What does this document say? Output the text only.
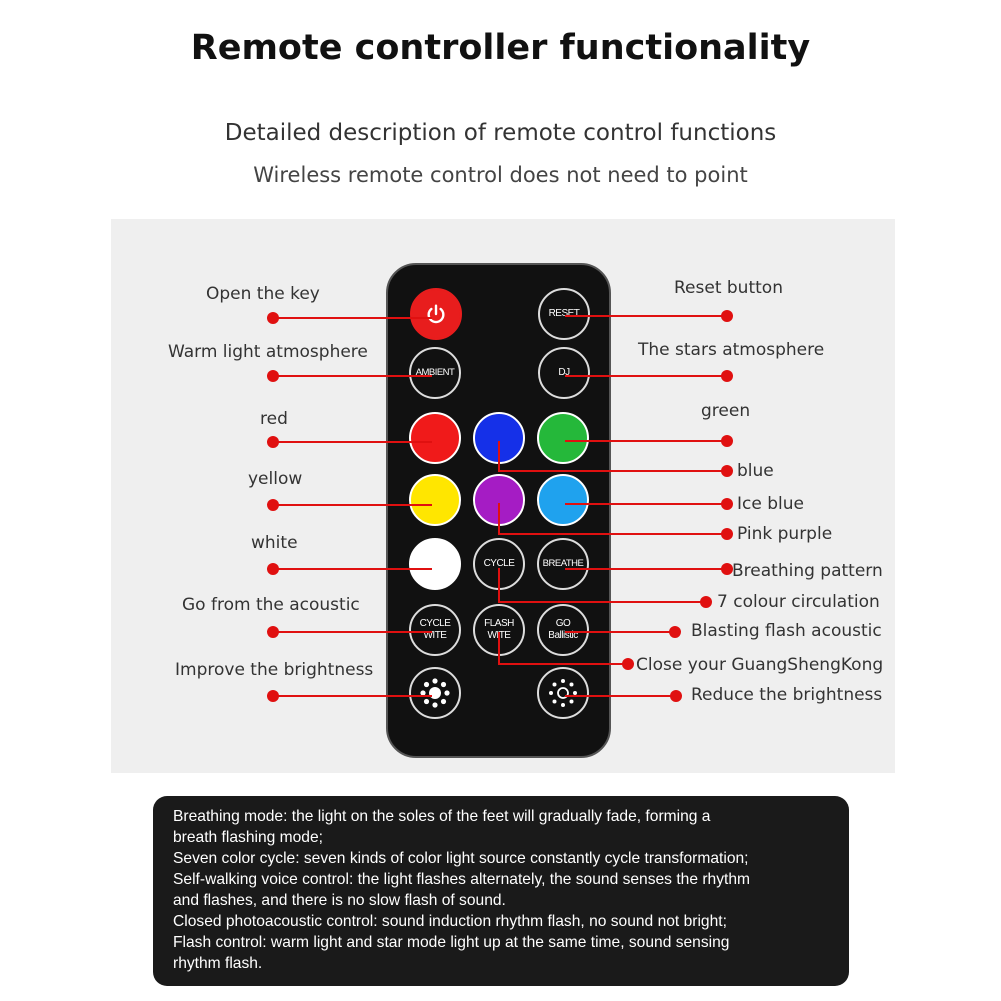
Remote controller functionality
Detailed description of remote control functions
Wireless remote control does not need to point
RESET
AMBIENT	DJ
CYCLE	BREATHE
CYCLE
WITE
FLASH
WITE
GO
Ballistic
Open the key
Warm light atmosphere
red
yellow
white
Go from the acoustic
Improve the brightness
Reset button
The stars atmosphere
green
blue
Ice blue
Pink purple
Breathing pattern
7 colour circulation
Blasting flash acoustic
Close your GuangShengKong
Reduce the brightness
Breathing mode: the light on the soles of the feet will gradually fade, forming a
breath flashing mode;
Seven color cycle: seven kinds of color light source constantly cycle transformation;
Self-walking voice control: the light flashes alternately, the sound senses the rhythm
and flashes, and there is no slow flash of sound.
Closed photoacoustic control: sound induction rhythm flash, no sound not bright;
Flash control: warm light and star mode light up at the same time, sound sensing
rhythm flash.
